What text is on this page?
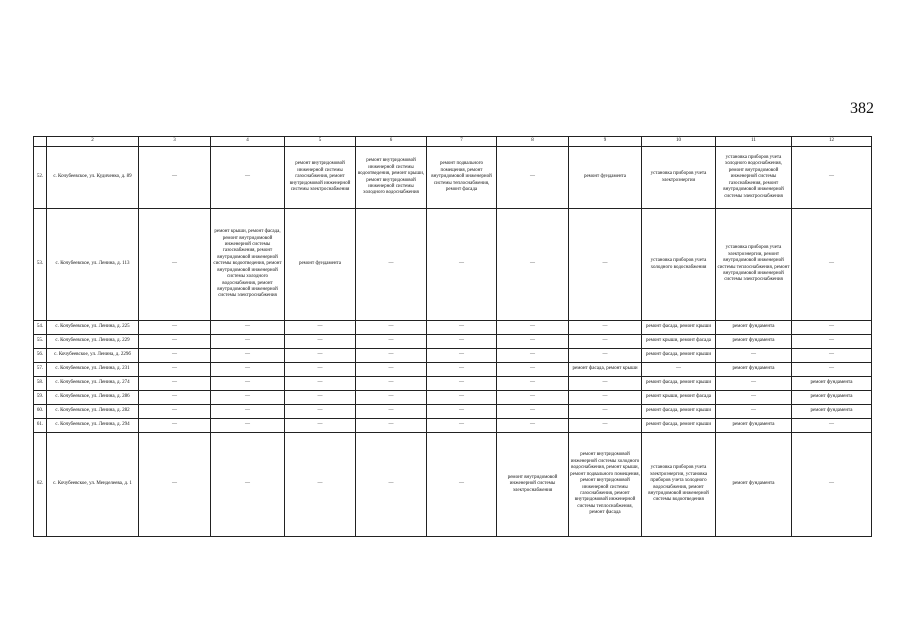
382
	2	3	4	5	6	7	8	9	10	11	12
52.	с. Кочубеевское, ул. Кудиченко, д. 89	—	—	ремонт внутридомовой инженерной системы газоснабжения, ремонт внутридомовой инженерной системы электроснабжения	ремонт внутридомовой инженерной системы водоотведения, ремонт крыши, ремонт внутридомовой инженерной системы холодного водоснабжения	ремонт подвального помещения, ремонт внутридомовой инженерной системы теплоснабжения, ремонт фасада	—	ремонт фундамента	установка приборов учета электроэнергии	установка приборов учета холодного водоснабжения, ремонт внутридомовой инженерной системы газоснабжения, ремонт внутридомовой инженерной системы электроснабжения	—
53.	с. Кочубеевское, ул. Ленина, д. 113	—	ремонт крыши, ремонт фасада, ремонт внутридомовой инженерной системы газоснабжения, ремонт внутридомовой инженерной системы водоотведения, ремонт внутридомовой инженерной системы холодного водоснабжения, ремонт внутридомовой инженерной системы электроснабжения	ремонт фундамента	—	—	—	—	установка приборов учета холодного водоснабжения	установка приборов учета электроэнергии, ремонт внутридомовой инженерной системы теплоснабжения, ремонт внутридомовой инженерной системы электроснабжения	—
54.	с. Кочубеевское, ул. Ленина, д. 225	—	—	—	—	—	—	—	ремонт фасада, ремонт крыши	ремонт фундамента	—
55.	с. Кочубеевское, ул. Ленина, д. 229	—	—	—	—	—	—	—	ремонт крыши, ремонт фасада	ремонт фундамента	—
56.	с. Кочубеевское, ул. Ленина, д. 229б	—	—	—	—	—	—	—	ремонт фасада, ремонт крыши	—	—
57.	с. Кочубеевское, ул. Ленина, д. 231	—	—	—	—	—	—	ремонт фасада, ремонт крыши	—	ремонт фундамента	—
58.	с. Кочубеевское, ул. Ленина, д. 274	—	—	—	—	—	—	—	ремонт фасада, ремонт крыши	—	ремонт фундамента
59.	с. Кочубеевское, ул. Ленина, д. 286	—	—	—	—	—	—	—	ремонт крыши, ремонт фасада	—	ремонт фундамента
60.	с. Кочубеевское, ул. Ленина, д. 282	—	—	—	—	—	—	—	ремонт фасада, ремонт крыши	—	ремонт фундамента
61.	с. Кочубеевское, ул. Ленина, д. 294	—	—	—	—	—	—	—	ремонт фасада, ремонт крыши	ремонт фундамента	—
62.	с. Кочубеевское, ул. Менделеева, д. 1	—	—	—	—	—	ремонт внутридомовой инженерной системы электроснабжения	ремонт внутридомовой инженерной системы холодного водоснабжения, ремонт крыши, ремонт подвального помещения, ремонт внутридомовой инженерной системы газоснабжения, ремонт внутридомовой инженерной системы теплоснабжения, ремонт фасада	установка приборов учета электроэнергии, установка приборов учета холодного водоснабжения, ремонт внутридомовой инженерной системы водоотведения	ремонт фундамента	—
